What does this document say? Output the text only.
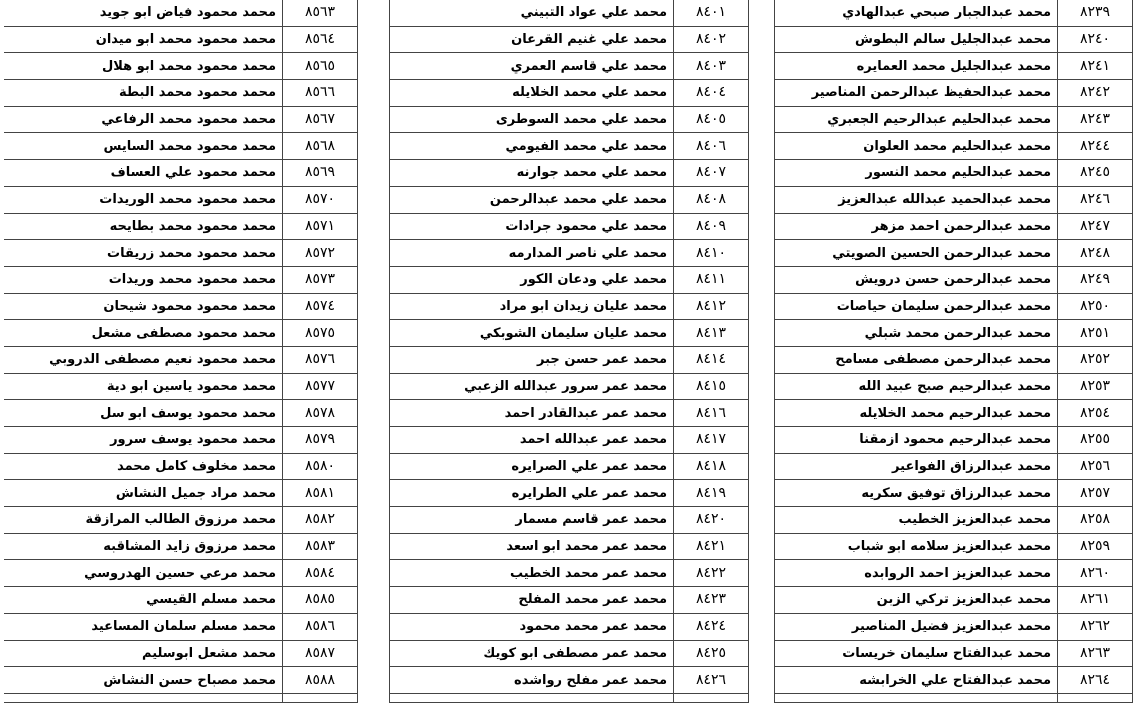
٨٢٣٩	محمد عبدالجبار صبحي عبدالهادي
٨٢٤٠	محمد عبدالجليل سالم البطوش
٨٢٤١	محمد عبدالجليل محمد العمايره
٨٢٤٢	محمد عبدالحفيظ عبدالرحمن المناصير
٨٢٤٣	محمد عبدالحليم عبدالرحيم الجعبري
٨٢٤٤	محمد عبدالحليم محمد العلوان
٨٢٤٥	محمد عبدالحليم محمد النسور
٨٢٤٦	محمد عبدالحميد عبدالله عبدالعزيز
٨٢٤٧	محمد عبدالرحمن احمد مزهر
٨٢٤٨	محمد عبدالرحمن الحسين الصويتي
٨٢٤٩	محمد عبدالرحمن حسن درويش
٨٢٥٠	محمد عبدالرحمن سليمان حياصات
٨٢٥١	محمد عبدالرحمن محمد شبلي
٨٢٥٢	محمد عبدالرحمن مصطفى مسامح
٨٢٥٣	محمد عبدالرحيم صبح عبيد الله
٨٢٥٤	محمد عبدالرحيم محمد الخلايله
٨٢٥٥	محمد عبدالرحيم محمود ازمقنا
٨٢٥٦	محمد عبدالرزاق الفواعير
٨٢٥٧	محمد عبدالرزاق توفيق سكريه
٨٢٥٨	محمد عبدالعزيز الخطيب
٨٢٥٩	محمد عبدالعزيز سلامه ابو شباب
٨٢٦٠	محمد عبدالعزيز احمد الروابده
٨٢٦١	محمد عبدالعزيز تركي الزبن
٨٢٦٢	محمد عبدالعزيز فضيل المناصير
٨٢٦٣	محمد عبدالفتاح سليمان خريسات
٨٢٦٤	محمد عبدالفتاح علي الخرابشه

٨٤٠١	محمد علي عواد التبيني
٨٤٠٢	محمد علي غنيم القرعان
٨٤٠٣	محمد علي قاسم العمري
٨٤٠٤	محمد علي محمد الخلايله
٨٤٠٥	محمد علي محمد السوطرى
٨٤٠٦	محمد علي محمد الفيومي
٨٤٠٧	محمد علي محمد جوارنه
٨٤٠٨	محمد علي محمد عبدالرحمن
٨٤٠٩	محمد علي محمود جرادات
٨٤١٠	محمد علي ناصر المدارمه
٨٤١١	محمد علي ودعان الكور
٨٤١٢	محمد عليان زيدان ابو مراد
٨٤١٣	محمد عليان سليمان الشوبكي
٨٤١٤	محمد عمر حسن جبر
٨٤١٥	محمد عمر سرور عبدالله الزعبي
٨٤١٦	محمد عمر عبدالقادر احمد
٨٤١٧	محمد عمر عبدالله احمد
٨٤١٨	محمد عمر علي الصرايره
٨٤١٩	محمد عمر علي الطرايره
٨٤٢٠	محمد عمر قاسم مسمار
٨٤٢١	محمد عمر محمد ابو اسعد
٨٤٢٢	محمد عمر محمد الخطيب
٨٤٢٣	محمد عمر محمد المفلح
٨٤٢٤	محمد عمر محمد محمود
٨٤٢٥	محمد عمر مصطفى ابو كويك
٨٤٢٦	محمد عمر مفلح رواشده

٨٥٦٣	محمد محمود فياض ابو جويد
٨٥٦٤	محمد محمود محمد ابو ميدان
٨٥٦٥	محمد محمود محمد ابو هلال
٨٥٦٦	محمد محمود محمد البطة
٨٥٦٧	محمد محمود محمد الرفاعي
٨٥٦٨	محمد محمود محمد السايس
٨٥٦٩	محمد محمود علي العساف
٨٥٧٠	محمد محمود محمد الوريدات
٨٥٧١	محمد محمود محمد بطايحه
٨٥٧٢	محمد محمود محمد زريقات
٨٥٧٣	محمد محمود محمد وريدات
٨٥٧٤	محمد محمود محمود شيحان
٨٥٧٥	محمد محمود مصطفى مشعل
٨٥٧٦	محمد محمود نعيم مصطفى الدروبي
٨٥٧٧	محمد محمود ياسين ابو دية
٨٥٧٨	محمد محمود يوسف ابو سل
٨٥٧٩	محمد محمود يوسف سرور
٨٥٨٠	محمد مخلوف كامل محمد
٨٥٨١	محمد مراد جميل النشاش
٨٥٨٢	محمد مرزوق الطالب المرازقة
٨٥٨٣	محمد مرزوق زايد المشاقبه
٨٥٨٤	محمد مرعي حسين الهدروسي
٨٥٨٥	محمد مسلم القيسي
٨٥٨٦	محمد مسلم سلمان المساعيد
٨٥٨٧	محمد مشعل ابوسليم
٨٥٨٨	محمد مصباح حسن النشاش
